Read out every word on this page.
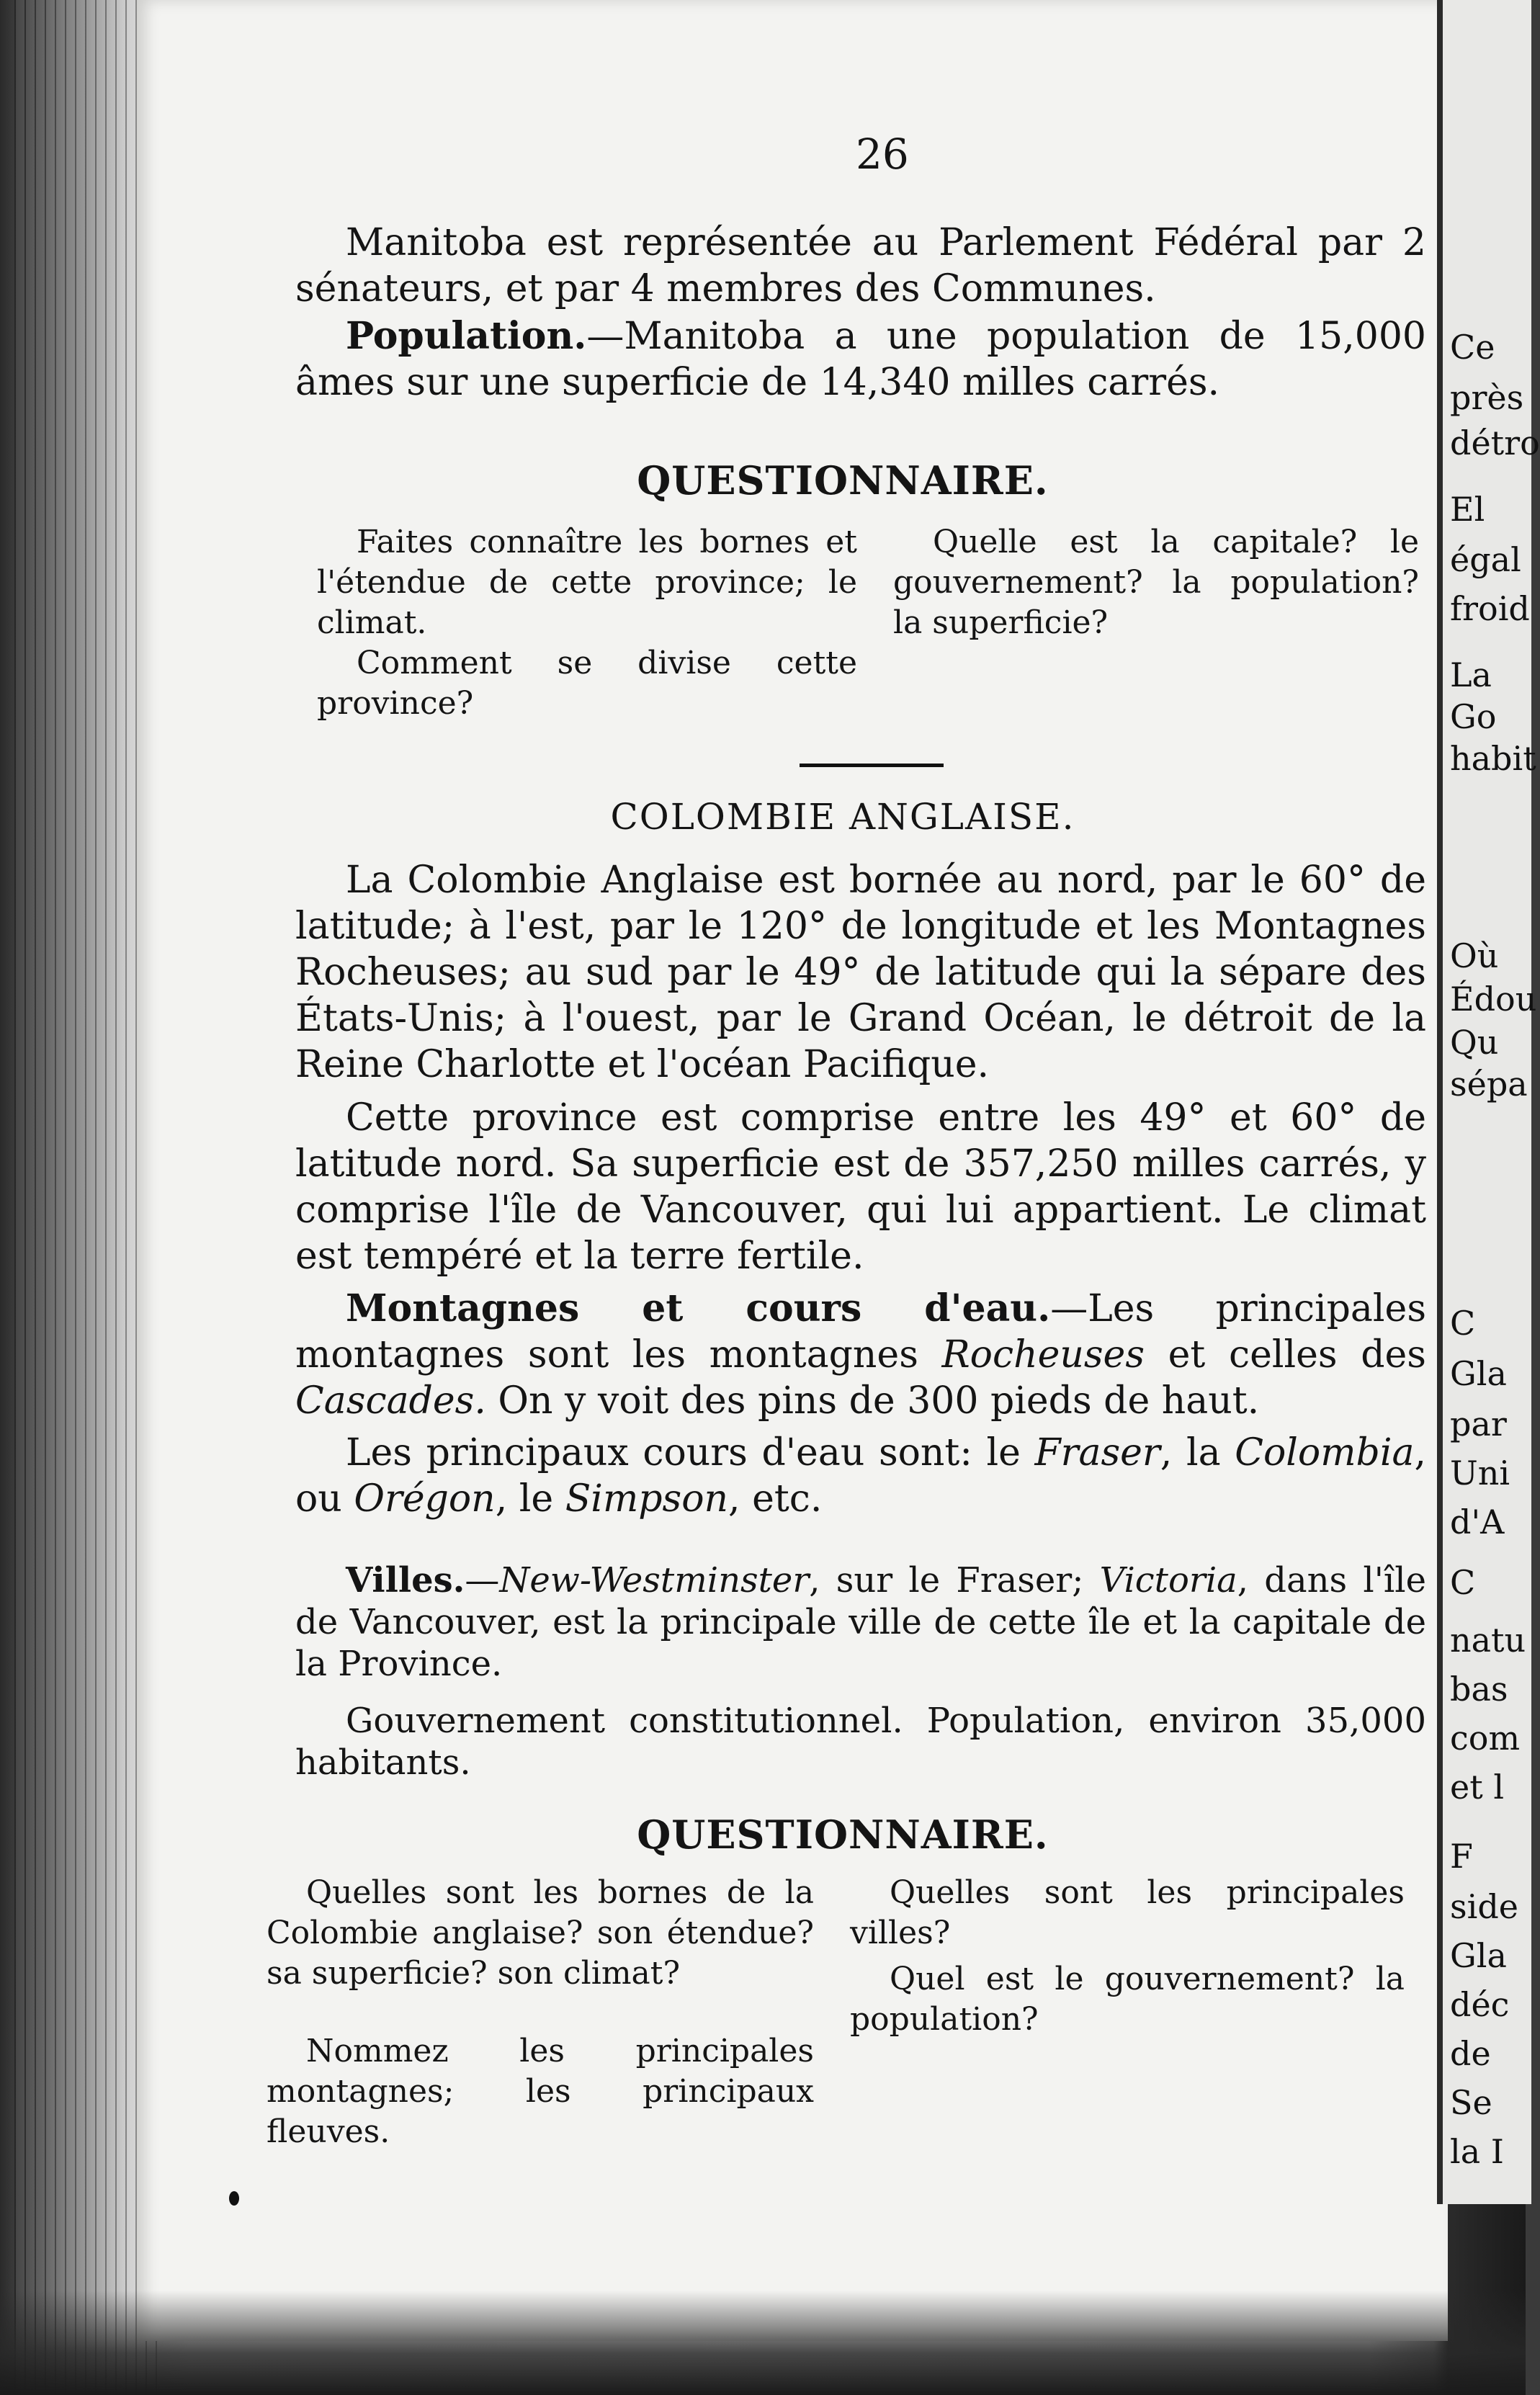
Ce
près
détro
El
égal
froid
La
Go
habit
Où
Édou
Qu
sépa
C
Gla
par
Uni
d'A
C
natu
bas
com
et l
F
side
Gla
déc
de
Se
la I
26
Manitoba est représentée au Parlement Fédéral par 2 sénateurs, et par 4 membres des Communes.
Population.—Manitoba a une population de 15,000 âmes sur une superficie de 14,340 milles carrés.
QUESTIONNAIRE.
Faites connaître les bornes et l'étendue de cette province; le climat.
Comment se divise cette province?
Quelle est la capitale? le gouvernement? la population? la superficie?
COLOMBIE ANGLAISE.
La Colombie Anglaise est bornée au nord, par le 60° de latitude; à l'est, par le 120° de longitude et les Montagnes Rocheuses; au sud par le 49° de latitude qui la sépare des États-Unis; à l'ouest, par le Grand Océan, le détroit de la Reine Charlotte et l'océan Pacifique.
Cette province est comprise entre les 49° et 60° de latitude nord. Sa superficie est de 357,250 milles carrés, y comprise l'île de Vancouver, qui lui appartient. Le climat est tempéré et la terre fertile.
Montagnes et cours d'eau.—Les principales montagnes sont les montagnes Rocheuses et celles des Cascades. On y voit des pins de 300 pieds de haut.
Les principaux cours d'eau sont: le Fraser, la Colombia, ou Orégon, le Simpson, etc.
Villes.—New-Westminster, sur le Fraser; Victoria, dans l'île de Vancouver, est la principale ville de cette île et la capitale de la Province.
Gouvernement constitutionnel. Population, environ 35,000 habitants.
QUESTIONNAIRE.
Quelles sont les bornes de la Colombie anglaise? son étendue? sa superficie? son climat?
Nommez les principales montagnes; les principaux fleuves.
Quelles sont les principales villes?
Quel est le gouvernement? la population?
